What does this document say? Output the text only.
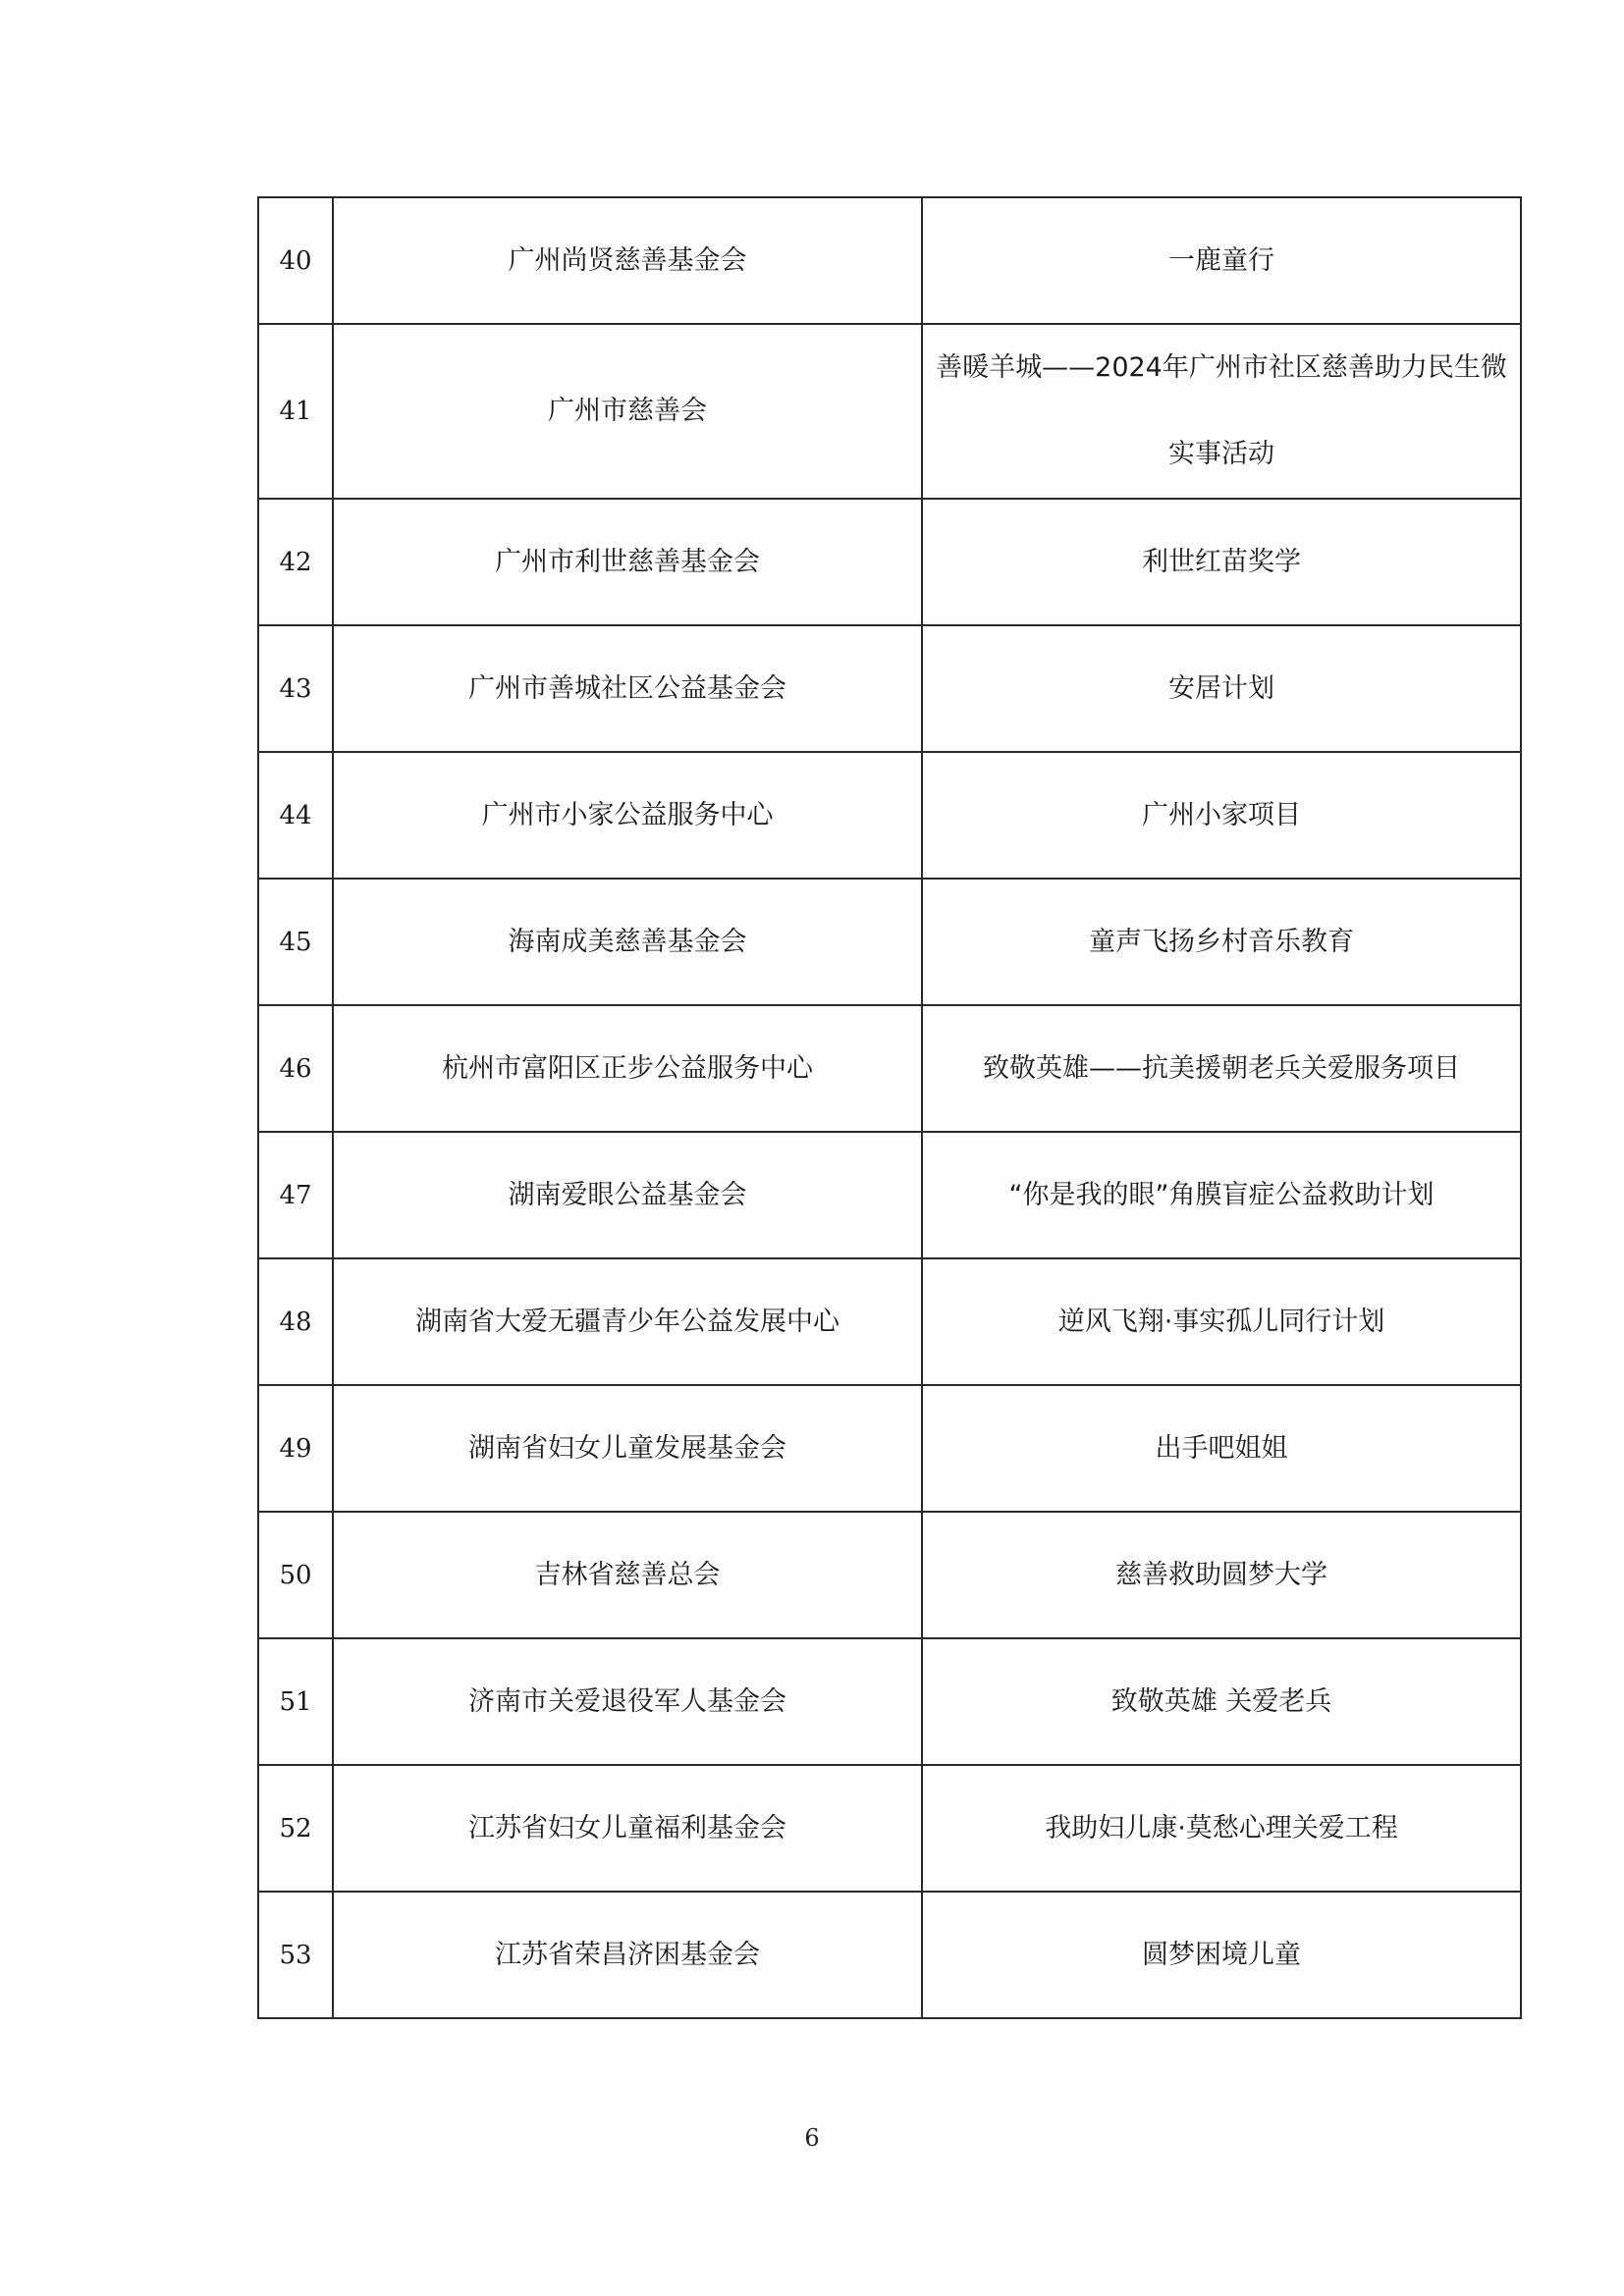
40	广州尚贤慈善基金会	一鹿童行
41	广州市慈善会	善暖羊城——2024年广州市社区慈善助力民生微实事活动
42	广州市利世慈善基金会	利世红苗奖学
43	广州市善城社区公益基金会	安居计划
44	广州市小家公益服务中心	广州小家项目
45	海南成美慈善基金会	童声飞扬乡村音乐教育
46	杭州市富阳区正步公益服务中心	致敬英雄——抗美援朝老兵关爱服务项目
47	湖南爱眼公益基金会	“你是我的眼”角膜盲症公益救助计划
48	湖南省大爱无疆青少年公益发展中心	逆风飞翔·事实孤儿同行计划
49	湖南省妇女儿童发展基金会	出手吧姐姐
50	吉林省慈善总会	慈善救助圆梦大学
51	济南市关爱退役军人基金会	致敬英雄 关爱老兵
52	江苏省妇女儿童福利基金会	我助妇儿康·莫愁心理关爱工程
53	江苏省荣昌济困基金会	圆梦困境儿童
6
